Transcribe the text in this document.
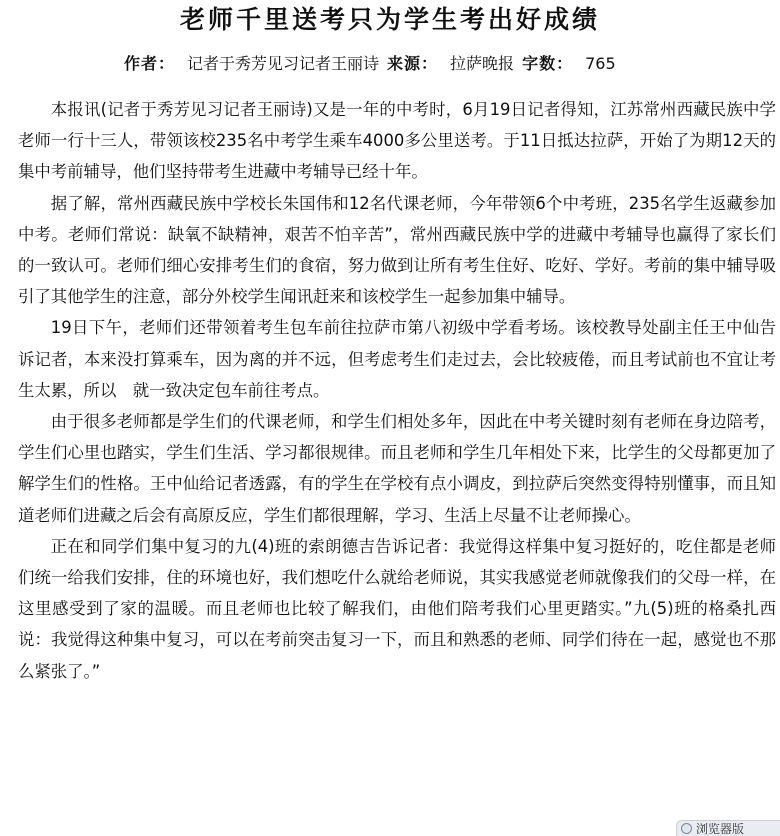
老师千里送考只为学生考出好成绩
作者： 记者于秀芳见习记者王丽诗 来源： 拉萨晚报 字数： 765

本报讯(记者于秀芳见习记者王丽诗)又是一年的中考时，6月19日记者得知，江苏常州西藏民族中学老师一行十三人，带领该校235名中考学生乘车4000多公里送考。于11日抵达拉萨，开始了为期12天的集中考前辅导，他们坚持带考生进藏中考辅导已经十年。

据了解，常州西藏民族中学校长朱国伟和12名代课老师，今年带领6个中考班，235名学生返藏参加中考。老师们常说：缺氧不缺精神，艰苦不怕辛苦”，常州西藏民族中学的进藏中考辅导也赢得了家长们的一致认可。老师们细心安排考生们的食宿，努力做到让所有考生住好、吃好、学好。考前的集中辅导吸引了其他学生的注意，部分外校学生闻讯赶来和该校学生一起参加集中辅导。

19日下午，老师们还带领着考生包车前往拉萨市第八初级中学看考场。该校教导处副主任王中仙告诉记者，本来没打算乘车，因为离的并不远，但考虑考生们走过去，会比较疲倦，而且考试前也不宜让考生太累，所以　就一致决定包车前往考点。

由于很多老师都是学生们的代课老师，和学生们相处多年，因此在中考关键时刻有老师在身边陪考，学生们心里也踏实，学生们生活、学习都很规律。而且老师和学生几年相处下来，比学生的父母都更加了解学生们的性格。王中仙给记者透露，有的学生在学校有点小调皮，到拉萨后突然变得特别懂事，而且知道老师们进藏之后会有高原反应，学生们都很理解，学习、生活上尽量不让老师操心。

正在和同学们集中复习的九(4)班的索朗德吉告诉记者：我觉得这样集中复习挺好的，吃住都是老师们统一给我们安排，住的环境也好，我们想吃什么就给老师说，其实我感觉老师就像我们的父母一样，在这里感受到了家的温暖。而且老师也比较了解我们，由他们陪考我们心里更踏实。”九(5)班的格桑扎西说：我觉得这种集中复习，可以在考前突击复习一下，而且和熟悉的老师、同学们待在一起，感觉也不那么紧张了。”

浏览器版
